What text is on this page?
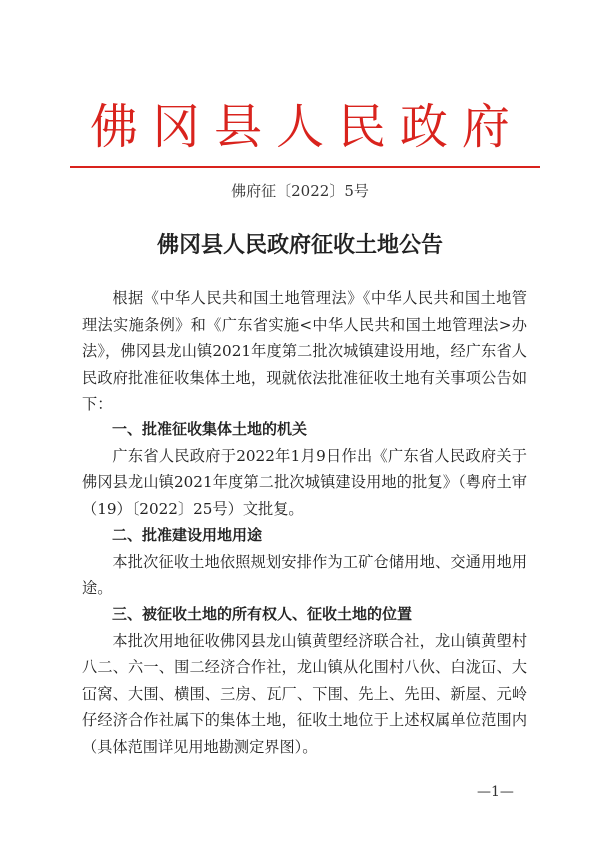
佛 冈 县 人 民 政 府
佛府征〔2022〕5号
佛冈县人民政府征收土地公告

根据《中华人民共和国土地管理法》《中华人民共和国土地管理法实施条例》和《广东省实施<中华人民共和国土地管理法>办法》，佛冈县龙山镇2021年度第二批次城镇建设用地，经广东省人民政府批准征收集体土地，现就依法批准征收土地有关事项公告如下：

一、批准征收集体土地的机关

广东省人民政府于2022年1月9日作出《广东省人民政府关于佛冈县龙山镇2021年度第二批次城镇建设用地的批复》（粤府土审（19）〔2022〕25号）文批复。

二、批准建设用地用途

本批次征收土地依照规划安排作为工矿仓储用地、交通用地用途。

三、被征收土地的所有权人、征收土地的位置

本批次用地征收佛冈县龙山镇黄塱经济联合社，龙山镇黄塱村八二、六一、围二经济合作社，龙山镇从化围村八伙、白泷冚、大冚窝、大围、横围、三房、瓦厂、下围、先上、先田、新屋、元岭仔经济合作社属下的集体土地，征收土地位于上述权属单位范围内（具体范围详见用地勘测定界图）。

—1—
